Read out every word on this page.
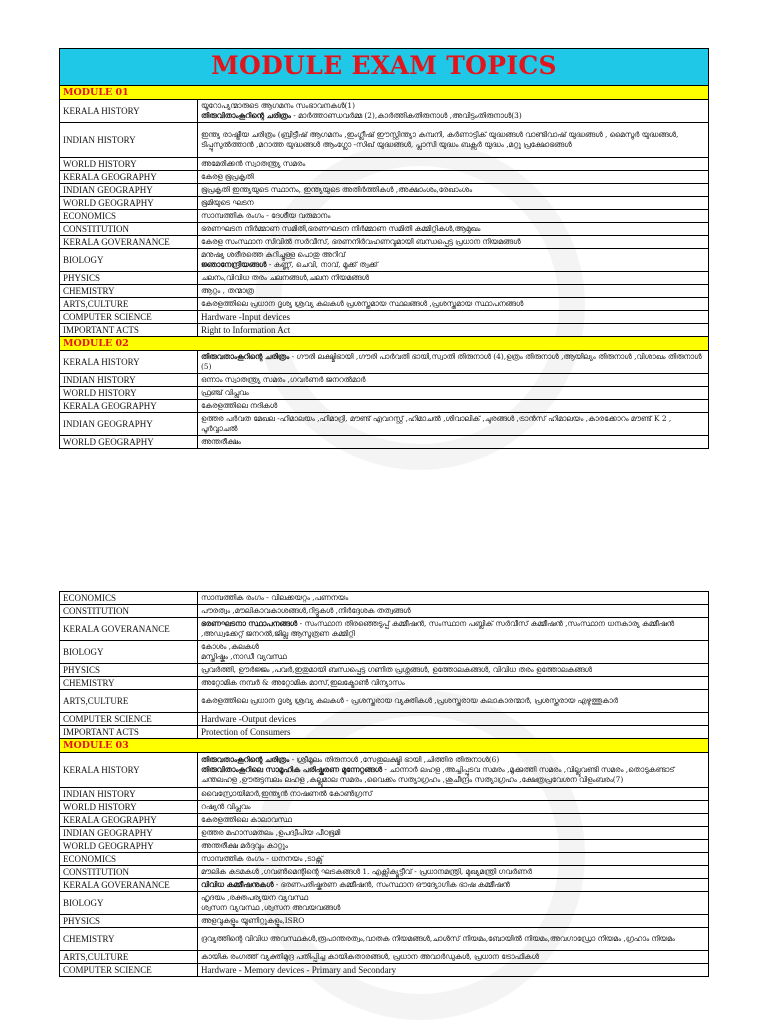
MODULE EXAM TOPICS	
MODULE 01	
KERALA HISTORY	യൂറോപ്യന്മാരുടെ ആഗമനം സംഭാവനകൾ(1)
തിരുവിതാംകൂറിന്റെ ചരിത്രം - മാർത്താണ്ഡവർമ്മ (2),കാർത്തികതിരുനാൾ ,അവിട്ടംതിരുനാൾ(3)
INDIAN HISTORY	ഇന്ത്യ രാഷ്ട്രീയ ചരിത്രം (ബ്രിട്ടീഷ് ആഗമനം ,ഇംഗ്ലീഷ് ഈസ്റ്റിന്ത്യാ കമ്പനി, കർണാട്ടിക് യുദ്ധങ്ങൾ വാണ്ടിവാഷ് യുദ്ധങ്ങൾ , മൈസൂർ യുദ്ധങ്ങൾ, ടിപ്പുസുൽത്താൻ ,മറാത്ത യുദ്ധങ്ങൾ ആംഗ്ലോ -സിഖ് യുദ്ധങ്ങൾ, പ്ലാസി യുദ്ധം ബക്സർ യുദ്ധം ,മറ്റു പ്രക്ഷോഭങ്ങൾ
WORLD HISTORY	അമേരിക്കൻ സ്വാതന്ത്ര്യ സമരം
KERALA GEOGRAPHY	കേരള ഭൂപ്രകൃതി
INDIAN GEOGRAPHY	ഭൂപ്രകൃതി ഇന്ത്യയുടെ സ്ഥാനം, ഇന്ത്യയുടെ അതിർത്തികൾ ,അക്ഷാംശം,രേഖാംശം
WORLD GEOGRAPHY	ഭൂമിയുടെ ഘടന
ECONOMICS	സാമ്പത്തിക രംഗം - ദേശീയ വരുമാനം
CONSTITUTION	ഭരണഘടന നിർമ്മാണ സമിതി,ഭരണഘടന നിർമ്മാണ സമിതി കമ്മിറ്റികൾ,ആമുഖം
KERALA GOVERANANCE	കേരള സംസ്ഥാന സിവിൽ സർവീസ്, ഭരണനിർവഹണവുമായി ബന്ധപ്പെട്ട പ്രധാന നിയമങ്ങൾ
BIOLOGY	മനുഷ്യ ശരീരത്തെ കുറിച്ചുള്ള പൊതു അറിവ്
ജ്ഞാനേന്ദ്രിയങ്ങൾ - കണ്ണ്, ചെവി, നാവ്, മൂക്ക് ത്വക്ക്
PHYSICS	ചലനം,വിവിധ തരം ചലനങ്ങൾ,ചലന നിയമങ്ങൾ
CHEMISTRY	ആറ്റം , തന്മാത്ര
ARTS,CULTURE	കേരളത്തിലെ പ്രധാന ദൃശ്യ ശ്രവ്യ കലകൾ പ്രശസ്തമായ സ്ഥലങ്ങൾ ,പ്രശസ്തമായ സ്ഥാപനങ്ങൾ
COMPUTER SCIENCE	Hardware -Input devices
IMPORTANT ACTS	Right to Information Act
MODULE 02	
KERALA HISTORY	തിരുവതാംകൂറിന്റെ ചരിത്രം - ഗൗരി ലക്ഷ്മിഭായി ,ഗൗരി പാർവതി ഭായി,സ്വാതി തിരുനാൾ (4),ഉത്രം തിരുനാൾ ,ആയില്യം തിരുനാൾ ,വിശാഖം തിരുനാൾ (5)
INDIAN HISTORY	ഒന്നാം സ്വാതന്ത്ര്യ സമരം ,ഗവർണർ ജനറൽമാർ
WORLD HISTORY	ഫ്രഞ്ച് വിപ്ലവം
KERALA GEOGRAPHY	കേരളത്തിലെ നദികൾ
INDIAN GEOGRAPHY	ഉത്തര പർവത മേഖല -ഹിമാലയം ,ഹിമാദ്രി, മൗണ്ട് എവറസ്റ്റ് ,ഹിമാചൽ ,ശിവാലിക് ,ചുരങ്ങൾ ,ട്രാൻസ് ഹിമാലയം ,കാരക്കോറം മൗണ്ട് K 2 , പൂർവ്വാചൽ
WORLD GEOGRAPHY	അന്തരീക്ഷം
ECONOMICS	സാമ്പത്തിക രംഗം - വിലക്കയറ്റം ,പണനയം
CONSTITUTION	പൗരത്വം ,മൗലികാവകാശങ്ങൾ,റിട്ടുകൾ ,നിർദ്ദേശക തത്വങ്ങൾ
KERALA GOVERANANCE	ഭരണഘടനാ സ്ഥാപനങ്ങൾ - സംസ്ഥാന തിരഞ്ഞെടുപ്പ് കമ്മീഷൻ, സംസ്ഥാന പബ്ലിക് സർവീസ് കമ്മീഷൻ ,സംസ്ഥാന ധനകാര്യ കമ്മീഷൻ ,അഡ്വക്കേറ്റ് ജനറൽ,ജില്ല ആസൂത്രണ കമ്മിറ്റി
BIOLOGY	കോശം ,കലകൾ
മസ്തിഷ്കം ,നാഡീ വ്യവസ്ഥ
PHYSICS	പ്രവർത്തി, ഊർജ്ജം ,പവർ,ഇതുമായി ബന്ധപ്പെട്ട ഗണിത പ്രശ്നങ്ങൾ, ഉത്തോലകങ്ങൾ, വിവിധ തരം ഉത്തോലകങ്ങൾ
CHEMISTRY	അറ്റോമിക നമ്പർ & അറ്റോമിക മാസ്,ഇലക്ട്രോൺ വിന്യാസം
ARTS,CULTURE	കേരളത്തിലെ പ്രധാന ദൃശ്യ ശ്രവ്യ കലകൾ - പ്രശസ്തരായ വ്യക്തികൾ ,പ്രശസ്തരായ കലാകാരന്മാർ, പ്രശസ്തരായ എഴുത്തുകാർ
COMPUTER SCIENCE	Hardware -Output devices
IMPORTANT ACTS	Protection of Consumers
MODULE 03	
KERALA HISTORY	തിരുവതാംകൂറിന്റെ ചരിത്രം - ശ്രീമൂലം തിരുനാൾ ,സേതുലക്ഷ്മി ഭായി ,ചിത്തിര തിരുനാൾ(6)
തിരുവിതാംകൂറിലെ സാമൂഹിക പരിഷ്കരണ മുന്നേറ്റങ്ങൾ - ചാന്നാർ ലഹള ,അച്ചിപ്പുടവ സമരം ,മൂക്കുത്തി സമരം ,വില്ലുവണ്ടി സമരം ,തൊടുകണ്ടാട് ചന്തലഹള ,ഊരുട്ടമ്പലം ലഹള ,കല്ലുമാല സമരം ,വൈക്കം സത്യാഗ്രഹം ,ശുചീന്ദ്രം സത്യാഗ്രഹം ,ക്ഷേത്രപ്രവേശന വിളംബരം(7)
INDIAN HISTORY	വൈസ്രോയിമാർ,ഇന്ത്യൻ നാഷണൽ കോൺഗ്രസ്
WORLD HISTORY	റഷ്യൻ വിപ്ലവം
KERALA GEOGRAPHY	കേരളത്തിലെ കാലാവസ്ഥ
INDIAN GEOGRAPHY	ഉത്തര മഹാസമതലം ,ഉപദ്വീപിയ പീഠഭൂമി
WORLD GEOGRAPHY	അന്തരീക്ഷ മർദ്ദവും കാറ്റും
ECONOMICS	സാമ്പത്തിക രംഗം - ധനനയം ,ടാക്സ്
CONSTITUTION	മൗലിക കടമകൾ ,ഗവൺമെന്റിന്റെ ഘടകങ്ങൾ 1. എക്സിക്യൂട്ടീവ് - പ്രധാനമന്ത്രി, മുഖ്യമന്ത്രി ഗവർണർ
KERALA GOVERANANCE	വിവിധ കമ്മീഷനുകൾ - ഭരണപരിഷ്കരണ കമ്മീഷൻ, സംസ്ഥാന ഔദ്യോഗിക ഭാഷ കമ്മീഷൻ
BIOLOGY	ഹൃദയം ,രക്തപര്യയന വ്യവസ്ഥ
ശ്വസന വ്യവസ്ഥ ,ശ്വസന അവയവങ്ങൾ
PHYSICS	അളവുകളും യൂണിറ്റുകളും,ISRO
CHEMISTRY	ദ്രവ്യത്തിന്റെ വിവിധ അവസ്ഥകൾ,രൂപാന്തരത്വം,വാതക നിയമങ്ങൾ,ചാൾസ് നിയമം,ബോയിൽ നിയമം,അവഗാഡ്രോ നിയമം ,ഗ്രഹാം നിയമം
ARTS,CULTURE	കായിക രംഗത്ത് വ്യക്തിമുദ്ര പതിപ്പിച്ച കായികതാരങ്ങൾ, പ്രധാന അവാർഡുകൾ, പ്രധാന ട്രോഫികൾ
COMPUTER SCIENCE	Hardware - Memory devices - Primary and Secondary
